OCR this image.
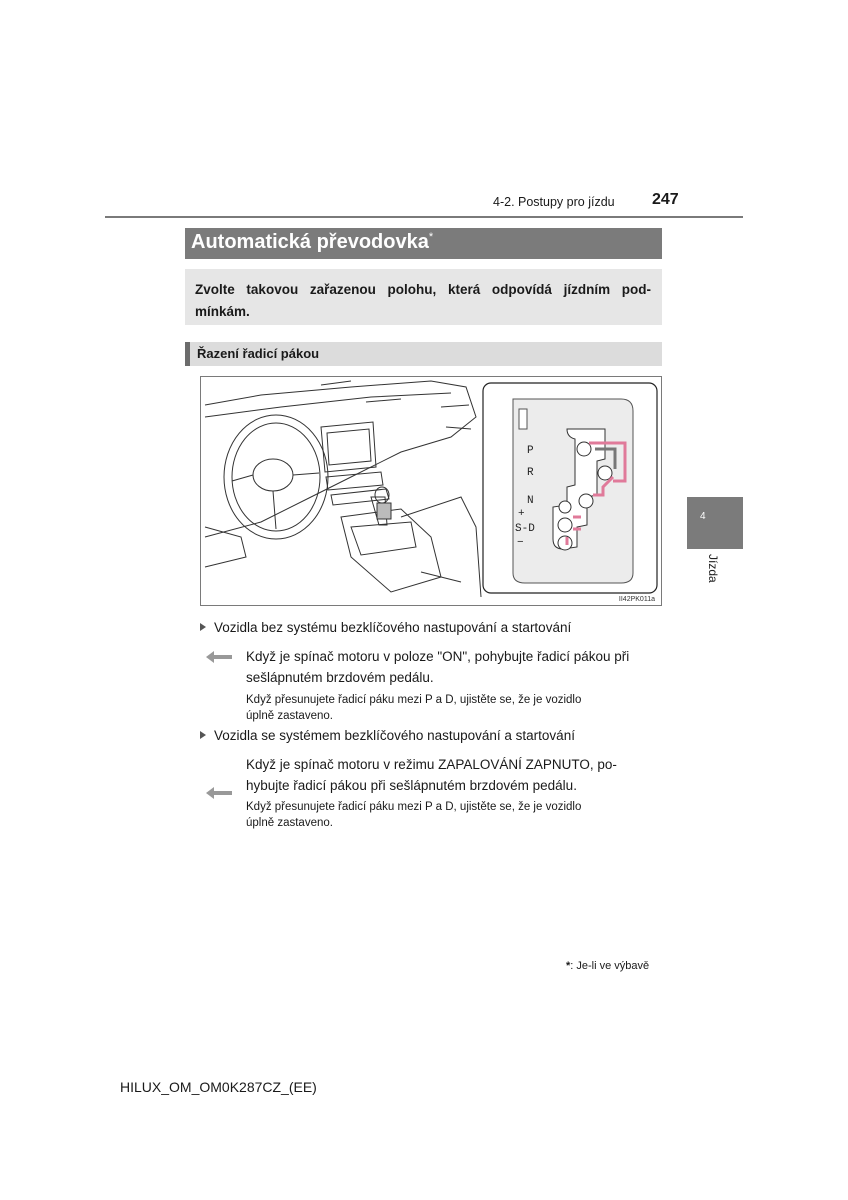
4-2. Postupy pro jízdu 247
Automatická převodovka*
Zvolte takovou zařazenou polohu, která odpovídá jízdním pod- mínkám.
Řazení řadicí pákou
P
R
N
+
S-D
−
II42PK011a
Vozidla bez systému bezklíčového nastupování a startování
Když je spínač motoru v poloze "ON", pohybujte řadicí pákou při
sešlápnutém brzdovém pedálu.
Když přesunujete řadicí páku mezi P a D, ujistěte se, že je vozidlo
úplně zastaveno.
Vozidla se systémem bezklíčového nastupování a startování
Když je spínač motoru v režimu ZAPALOVÁNÍ ZAPNUTO, po-
hybujte řadicí pákou při sešlápnutém brzdovém pedálu.
Když přesunujete řadicí páku mezi P a D, ujistěte se, že je vozidlo
úplně zastaveno.
4
Jízda
*: Je-li ve výbavě
HILUX_OM_OM0K287CZ_(EE)
